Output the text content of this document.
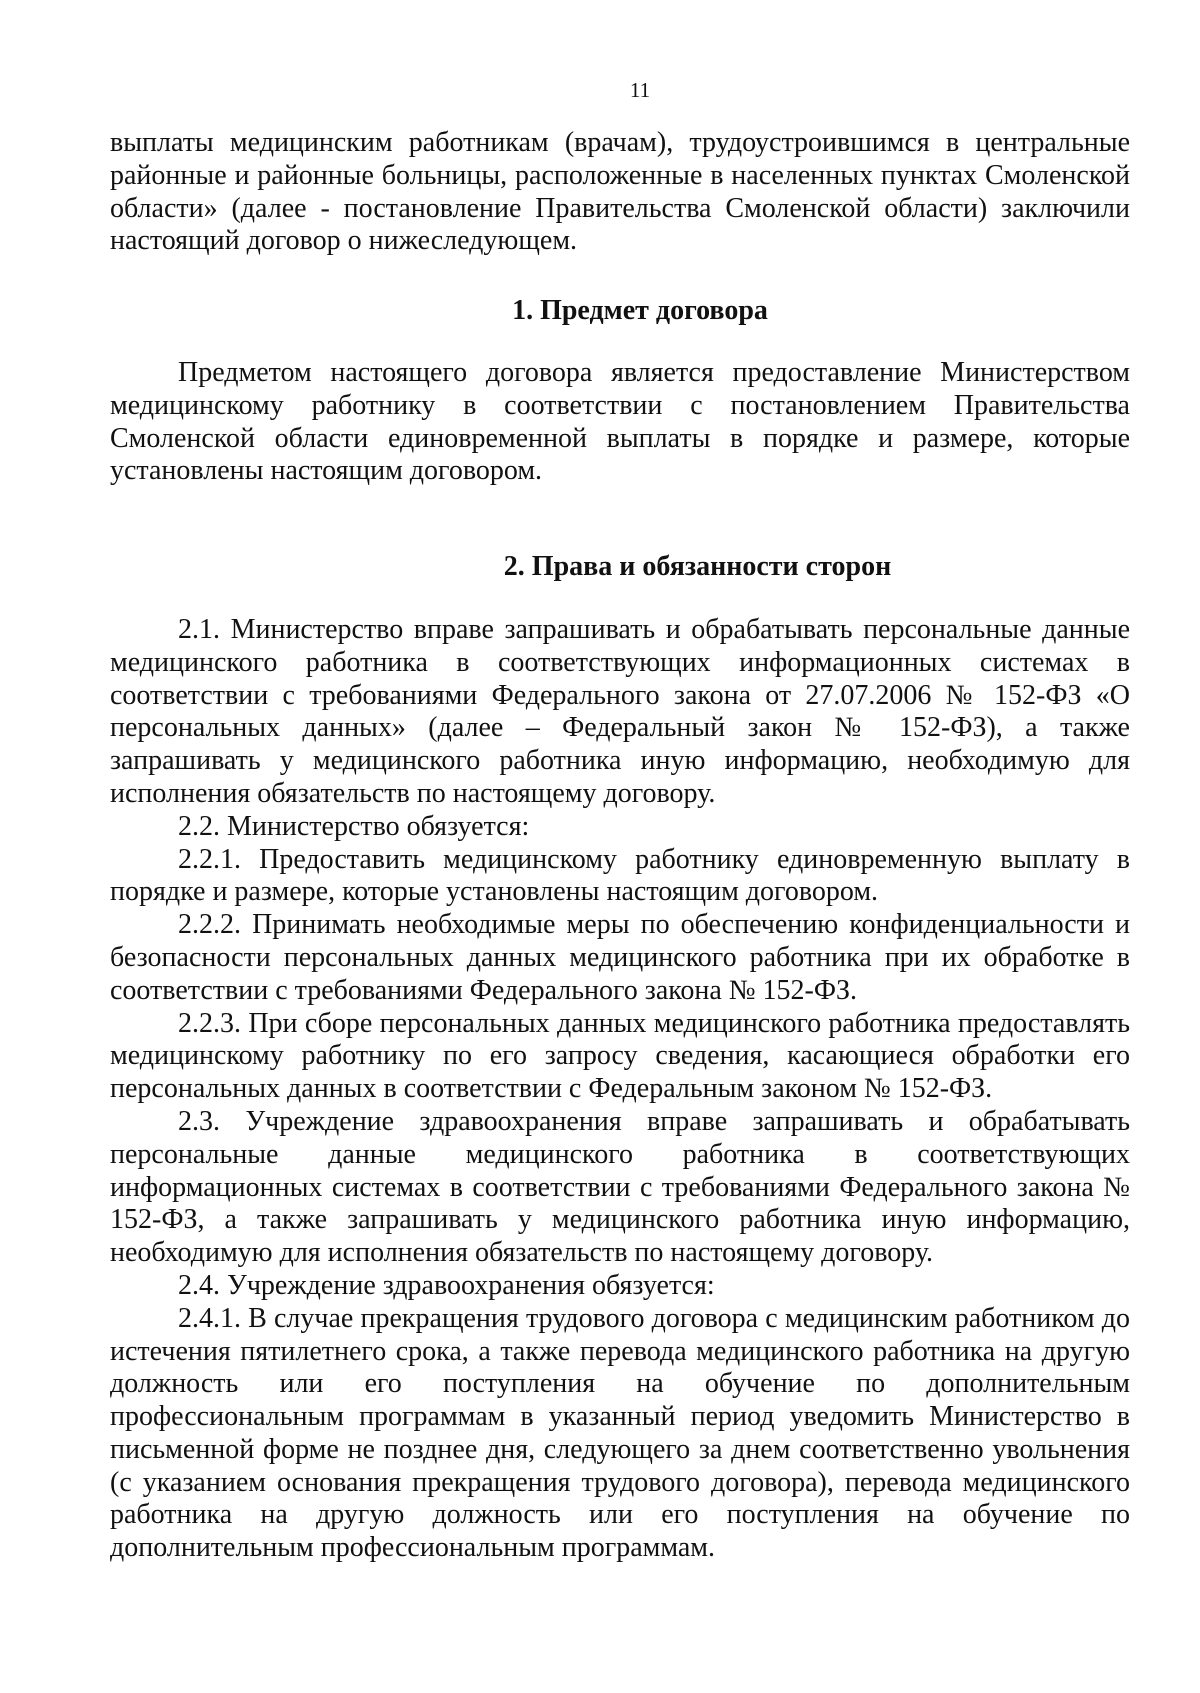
11

выплаты медицинским работникам (врачам), трудоустроившимся в центральные районные и районные больницы, расположенные в населенных пунктах Смоленской области» (далее - постановление Правительства Смоленской области) заключили настоящий договор о нижеследующем.

1. Предмет договора

Предметом настоящего договора является предоставление Министерством медицинскому работнику в соответствии с постановлением Правительства Смоленской области единовременной выплаты в порядке и размере, которые установлены настоящим договором.

2. Права и обязанности сторон

2.1. Министерство вправе запрашивать и обрабатывать персональные данные медицинского работника в соответствующих информационных системах в соответствии с требованиями Федерального закона от 27.07.2006 № 152-ФЗ «О персональных данных» (далее – Федеральный закон № 152-ФЗ), а также запрашивать у медицинского работника иную информацию, необходимую для исполнения обязательств по настоящему договору.

2.2. Министерство обязуется:

2.2.1. Предоставить медицинскому работнику единовременную выплату в порядке и размере, которые установлены настоящим договором.

2.2.2. Принимать необходимые меры по обеспечению конфиденциальности и безопасности персональных данных медицинского работника при их обработке в соответствии с требованиями Федерального закона № 152-ФЗ.

2.2.3. При сборе персональных данных медицинского работника предоставлять медицинскому работнику по его запросу сведения, касающиеся обработки его персональных данных в соответствии с Федеральным законом № 152-ФЗ.

2.3. Учреждение здравоохранения вправе запрашивать и обрабатывать персональные данные медицинского работника в соответствующих информационных системах в соответствии с требованиями Федерального закона № 152-ФЗ, а также запрашивать у медицинского работника иную информацию, необходимую для исполнения обязательств по настоящему договору.

2.4. Учреждение здравоохранения обязуется:

2.4.1. В случае прекращения трудового договора с медицинским работником до истечения пятилетнего срока, а также перевода медицинского работника на другую должность или его поступления на обучение по дополнительным профессиональным программам в указанный период уведомить Министерство в письменной форме не позднее дня, следующего за днем соответственно увольнения (с указанием основания прекращения трудового договора), перевода медицинского работника на другую должность или его поступления на обучение по дополнительным профессиональным программам.
